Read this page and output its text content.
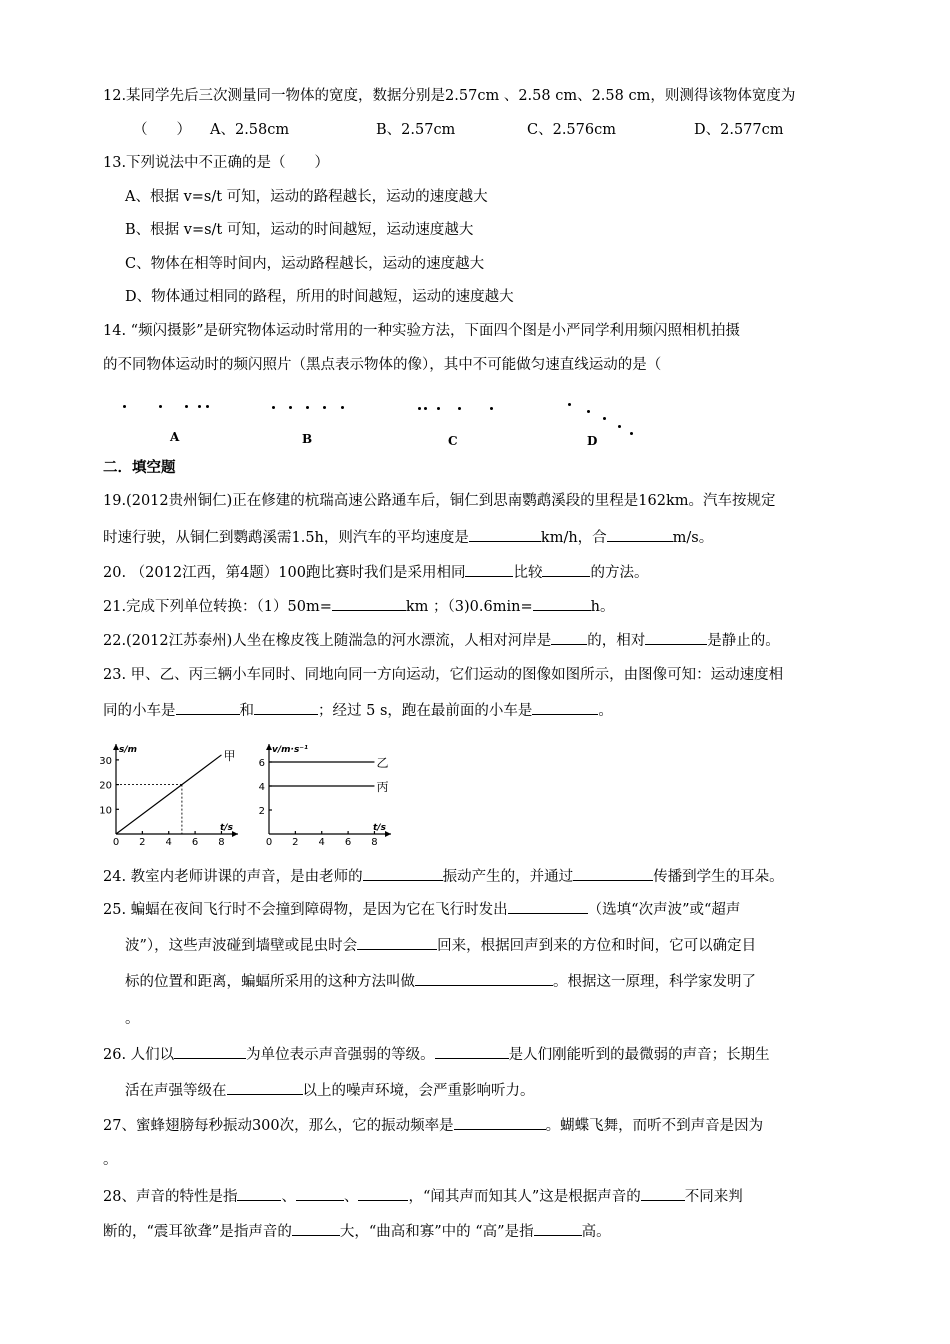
12.某同学先后三次测量同一物体的宽度，数据分别是2.57cm 、2.58 cm、2.58 cm，则测得该物体宽度为
（　　） A、2.58cm	B、2.57cm	C、2.576cm	D、2.577cm
13.下列说法中不正确的是（　　）
A、根据 v=s/t 可知，运动的路程越长，运动的速度越大
B、根据 v=s/t 可知，运动的时间越短，运动速度越大
C、物体在相等时间内，运动路程越长，运动的速度越大
D、物体通过相同的路程，所用的时间越短，运动的速度越大
14. “频闪摄影”是研究物体运动时常用的一种实验方法，下面四个图是小严同学利用频闪照相机拍摄
的不同物体运动时的频闪照片（黑点表示物体的像），其中不可能做匀速直线运动的是（
A	B	C	D
二．填空题
19.(2012贵州铜仁)正在修建的杭瑞高速公路通车后，铜仁到思南鹦鹉溪段的里程是162km。汽车按规定
时速行驶，从铜仁到鹦鹉溪需1.5h，则汽车的平均速度是	km/h，合	m/s。
20. （2012江西，第4题）100跑比赛时我们是采用相同	比较	的方法。
21.完成下列单位转换：（1）50m=	km ；（3)0.6min=	h。
22.(2012江苏泰州)人坐在橡皮筏上随湍急的河水漂流，人相对河岸是 的，相对	是静止的。
23. 甲、乙、丙三辆小车同时、同地向同一方向运动，它们运动的图像如图所示，由图像可知：运动速度相
同的小车是	和	；经过 5 s，跑在最前面的小车是	。
s/m
t/s
0 2 4 6 8
10
20
30	甲	v/m·s⁻¹
t/s
0 2 4 6 8
2
4
6	乙
丙
24. 教室内老师讲课的声音，是由老师的	振动产生的，并通过	传播到学生的耳朵。
25. 蝙蝠在夜间飞行时不会撞到障碍物，是因为它在飞行时发出	（选填“次声波”或“超声
波”），这些声波碰到墙壁或昆虫时会	回来，根据回声到来的方位和时间，它可以确定目
标的位置和距离，蝙蝠所采用的这种方法叫做	。根据这一原理，科学家发明了
。
26. 人们以	为单位表示声音强弱的等级。	是人们刚能听到的最微弱的声音；长期生
活在声强等级在	以上的噪声环境，会严重影响听力。
27、蜜蜂翅膀每秒振动300次，那么，它的振动频率是	。蝴蝶飞舞，而听不到声音是因为
。
28、声音的特性是指	、	、	，“闻其声而知其人”这是根据声音的	不同来判
断的，“震耳欲聋”是指声音的	大，“曲高和寡”中的 “高”是指	高。
